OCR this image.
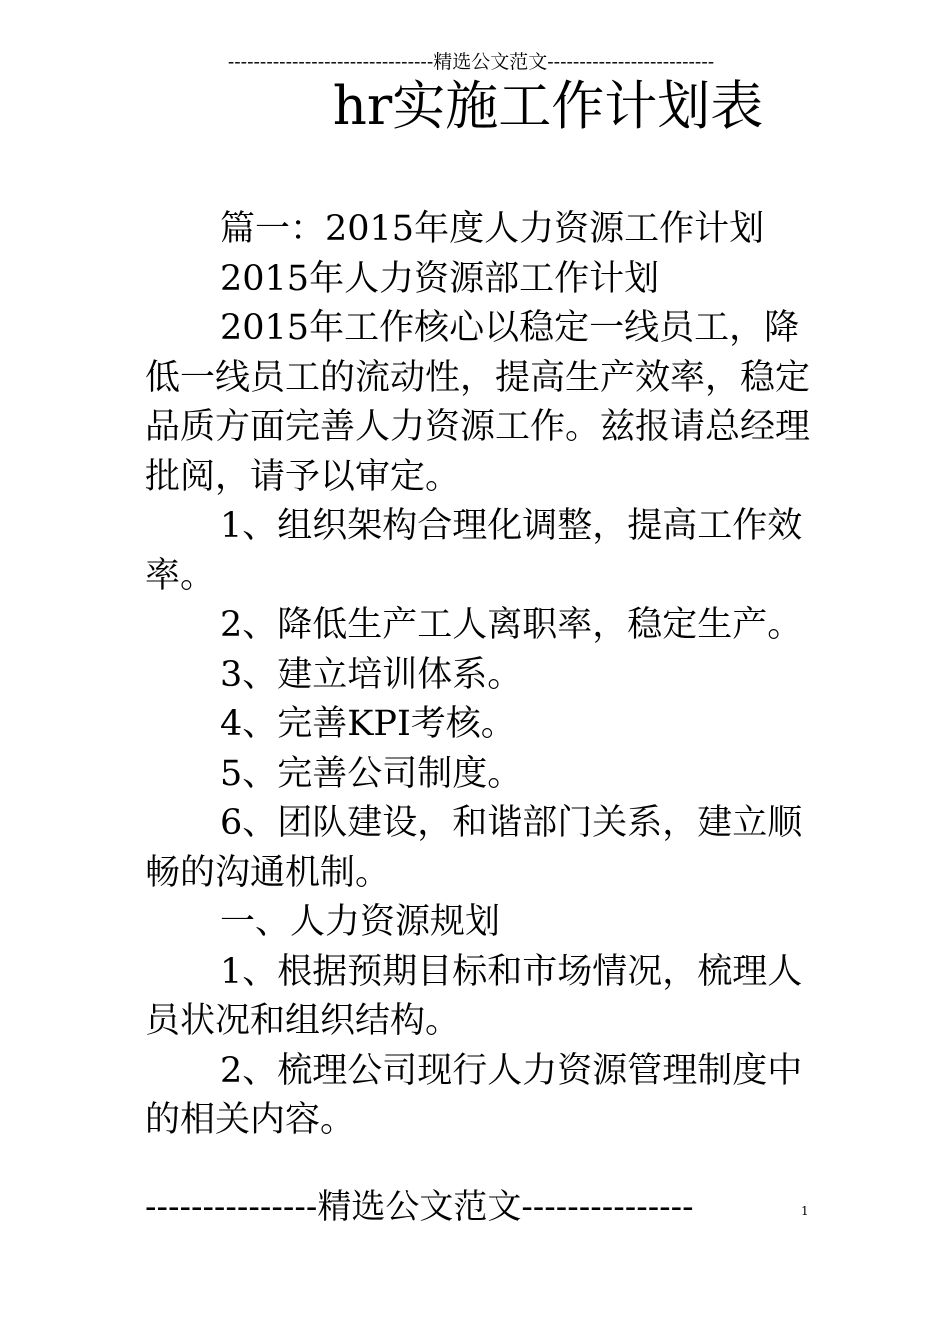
--------------------------------精选公文范文--------------------------
hr实施工作计划表

篇一：2015年度人力资源工作计划

2015年人力资源部工作计划

2015年工作核心以稳定一线员工，降低一线员工的流动性，提高生产效率，稳定品质方面完善人力资源工作。兹报请总经理批阅，请予以审定。

1、组织架构合理化调整，提高工作效率。

2、降低生产工人离职率，稳定生产。

3、建立培训体系。

4、完善KPI考核。

5、完善公司制度。

6、团队建设，和谐部门关系，建立顺畅的沟通机制。

一、人力资源规划

1、根据预期目标和市场情况，梳理人员状况和组织结构。

2、梳理公司现行人力资源管理制度中的相关内容。

---------------精选公文范文---------------	1
